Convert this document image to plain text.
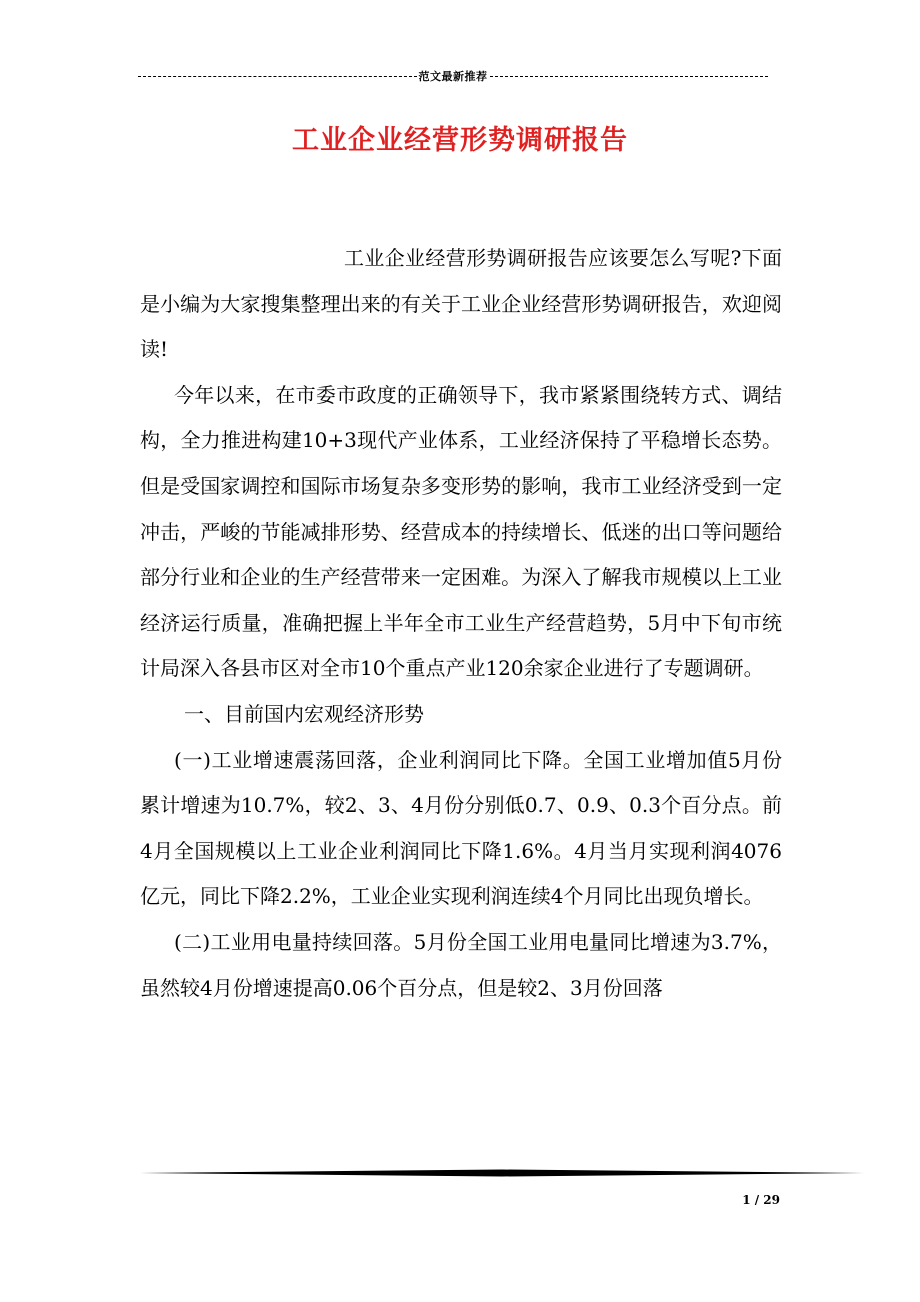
范文最新推荐
工业企业经营形势调研报告

工业企业经营形势调研报告应该要怎么写呢?下面是小编为大家搜集整理出来的有关于工业企业经营形势调研报告，欢迎阅读!

今年以来，在市委市政度的正确领导下，我市紧紧围绕转方式、调结构，全力推进构建10+3现代产业体系，工业经济保持了平稳增长态势。但是受国家调控和国际市场复杂多变形势的影响，我市工业经济受到一定冲击，严峻的节能减排形势、经营成本的持续增长、低迷的出口等问题给部分行业和企业的生产经营带来一定困难。为深入了解我市规模以上工业经济运行质量，准确把握上半年全市工业生产经营趋势，5月中下旬市统计局深入各县市区对全市10个重点产业120余家企业进行了专题调研。

一、目前国内宏观经济形势

(一)工业增速震荡回落，企业利润同比下降。全国工业增加值5月份累计增速为10.7%，较2、3、4月份分别低0.7、0.9、0.3个百分点。前4月全国规模以上工业企业利润同比下降1.6%。4月当月实现利润4076亿元，同比下降2.2%，工业企业实现利润连续4个月同比出现负增长。

(二)工业用电量持续回落。5月份全国工业用电量同比增速为3.7%，虽然较4月份增速提高0.06个百分点，但是较2、3月份回落

1 / 29
